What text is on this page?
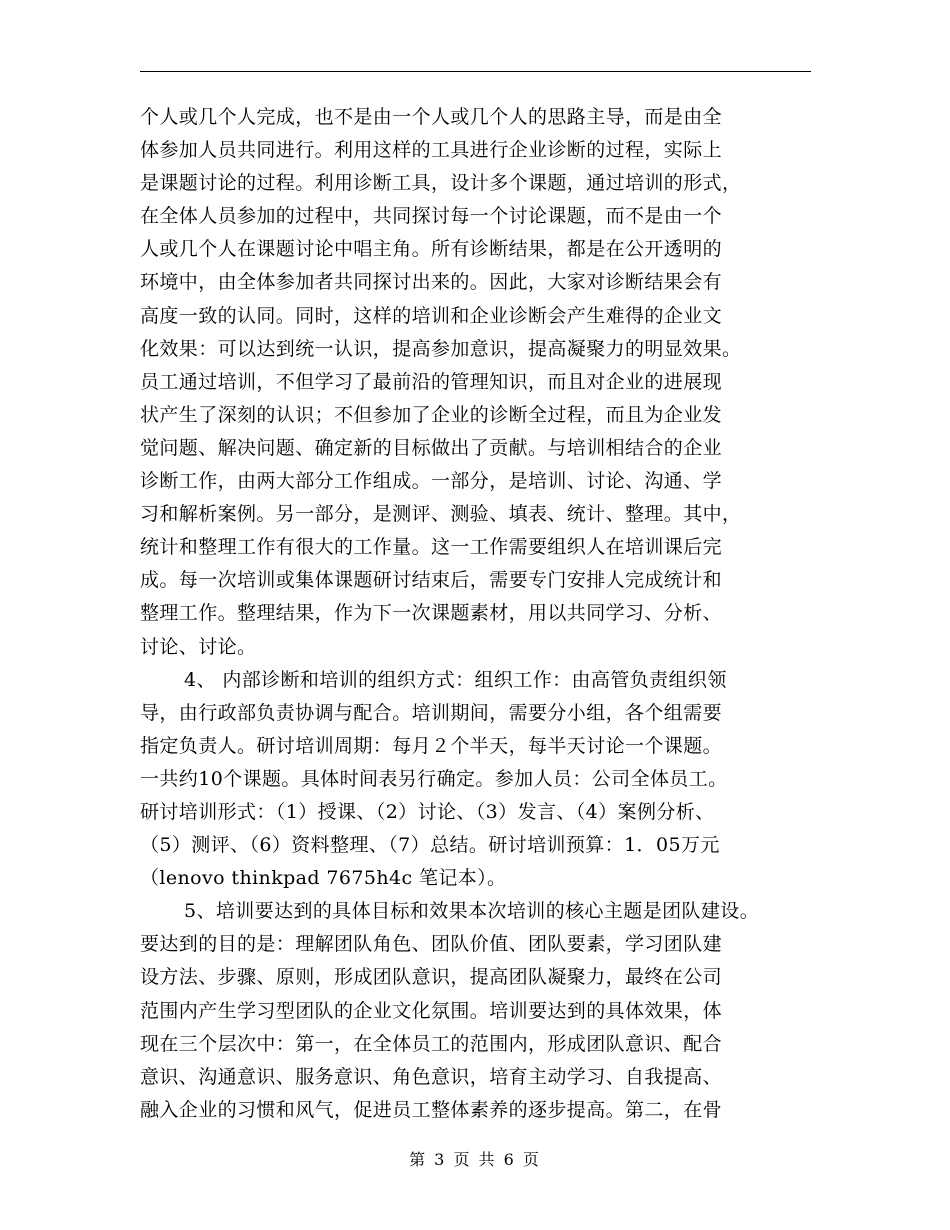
个人或几个人完成，也不是由一个人或几个人的思路主导，而是由全
体参加人员共同进行。利用这样的工具进行企业诊断的过程，实际上
是课题讨论的过程。利用诊断工具，设计多个课题，通过培训的形式，
在全体人员参加的过程中，共同探讨每一个讨论课题，而不是由一个
人或几个人在课题讨论中唱主角。所有诊断结果，都是在公开透明的
环境中，由全体参加者共同探讨出来的。因此，大家对诊断结果会有
高度一致的认同。同时，这样的培训和企业诊断会产生难得的企业文
化效果：可以达到统一认识，提高参加意识，提高凝聚力的明显效果。
员工通过培训，不但学习了最前沿的管理知识，而且对企业的进展现
状产生了深刻的认识；不但参加了企业的诊断全过程，而且为企业发
觉问题、解决问题、确定新的目标做出了贡献。与培训相结合的企业
诊断工作，由两大部分工作组成。一部分，是培训、讨论、沟通、学
习和解析案例。另一部分，是测评、测验、填表、统计、整理。其中，
统计和整理工作有很大的工作量。这一工作需要组织人在培训课后完
成。每一次培训或集体课题研讨结束后，需要专门安排人完成统计和
整理工作。整理结果，作为下一次课题素材，用以共同学习、分析、
讨论、讨论。
4、 内部诊断和培训的组织方式：组织工作：由高管负责组织领
导，由行政部负责协调与配合。培训期间，需要分小组，各个组需要
指定负责人。研讨培训周期：每月２个半天，每半天讨论一个课题。
一共约10个课题。具体时间表另行确定。参加人员：公司全体员工。
研讨培训形式：（1）授课、（2）讨论、（3）发言、（4）案例分析、
（5）测评、（6）资料整理、（7）总结。研讨培训预算：1．05万元
（lenovo thinkpad 7675h4c 笔记本）。
5、培训要达到的具体目标和效果本次培训的核心主题是团队建设。
要达到的目的是：理解团队角色、团队价值、团队要素，学习团队建
设方法、步骤、原则，形成团队意识，提高团队凝聚力，最终在公司
范围内产生学习型团队的企业文化氛围。培训要达到的具体效果，体
现在三个层次中：第一，在全体员工的范围内，形成团队意识、配合
意识、沟通意识、服务意识、角色意识，培育主动学习、自我提高、
融入企业的习惯和风气，促进员工整体素养的逐步提高。第二，在骨
第 3 页 共 6 页
